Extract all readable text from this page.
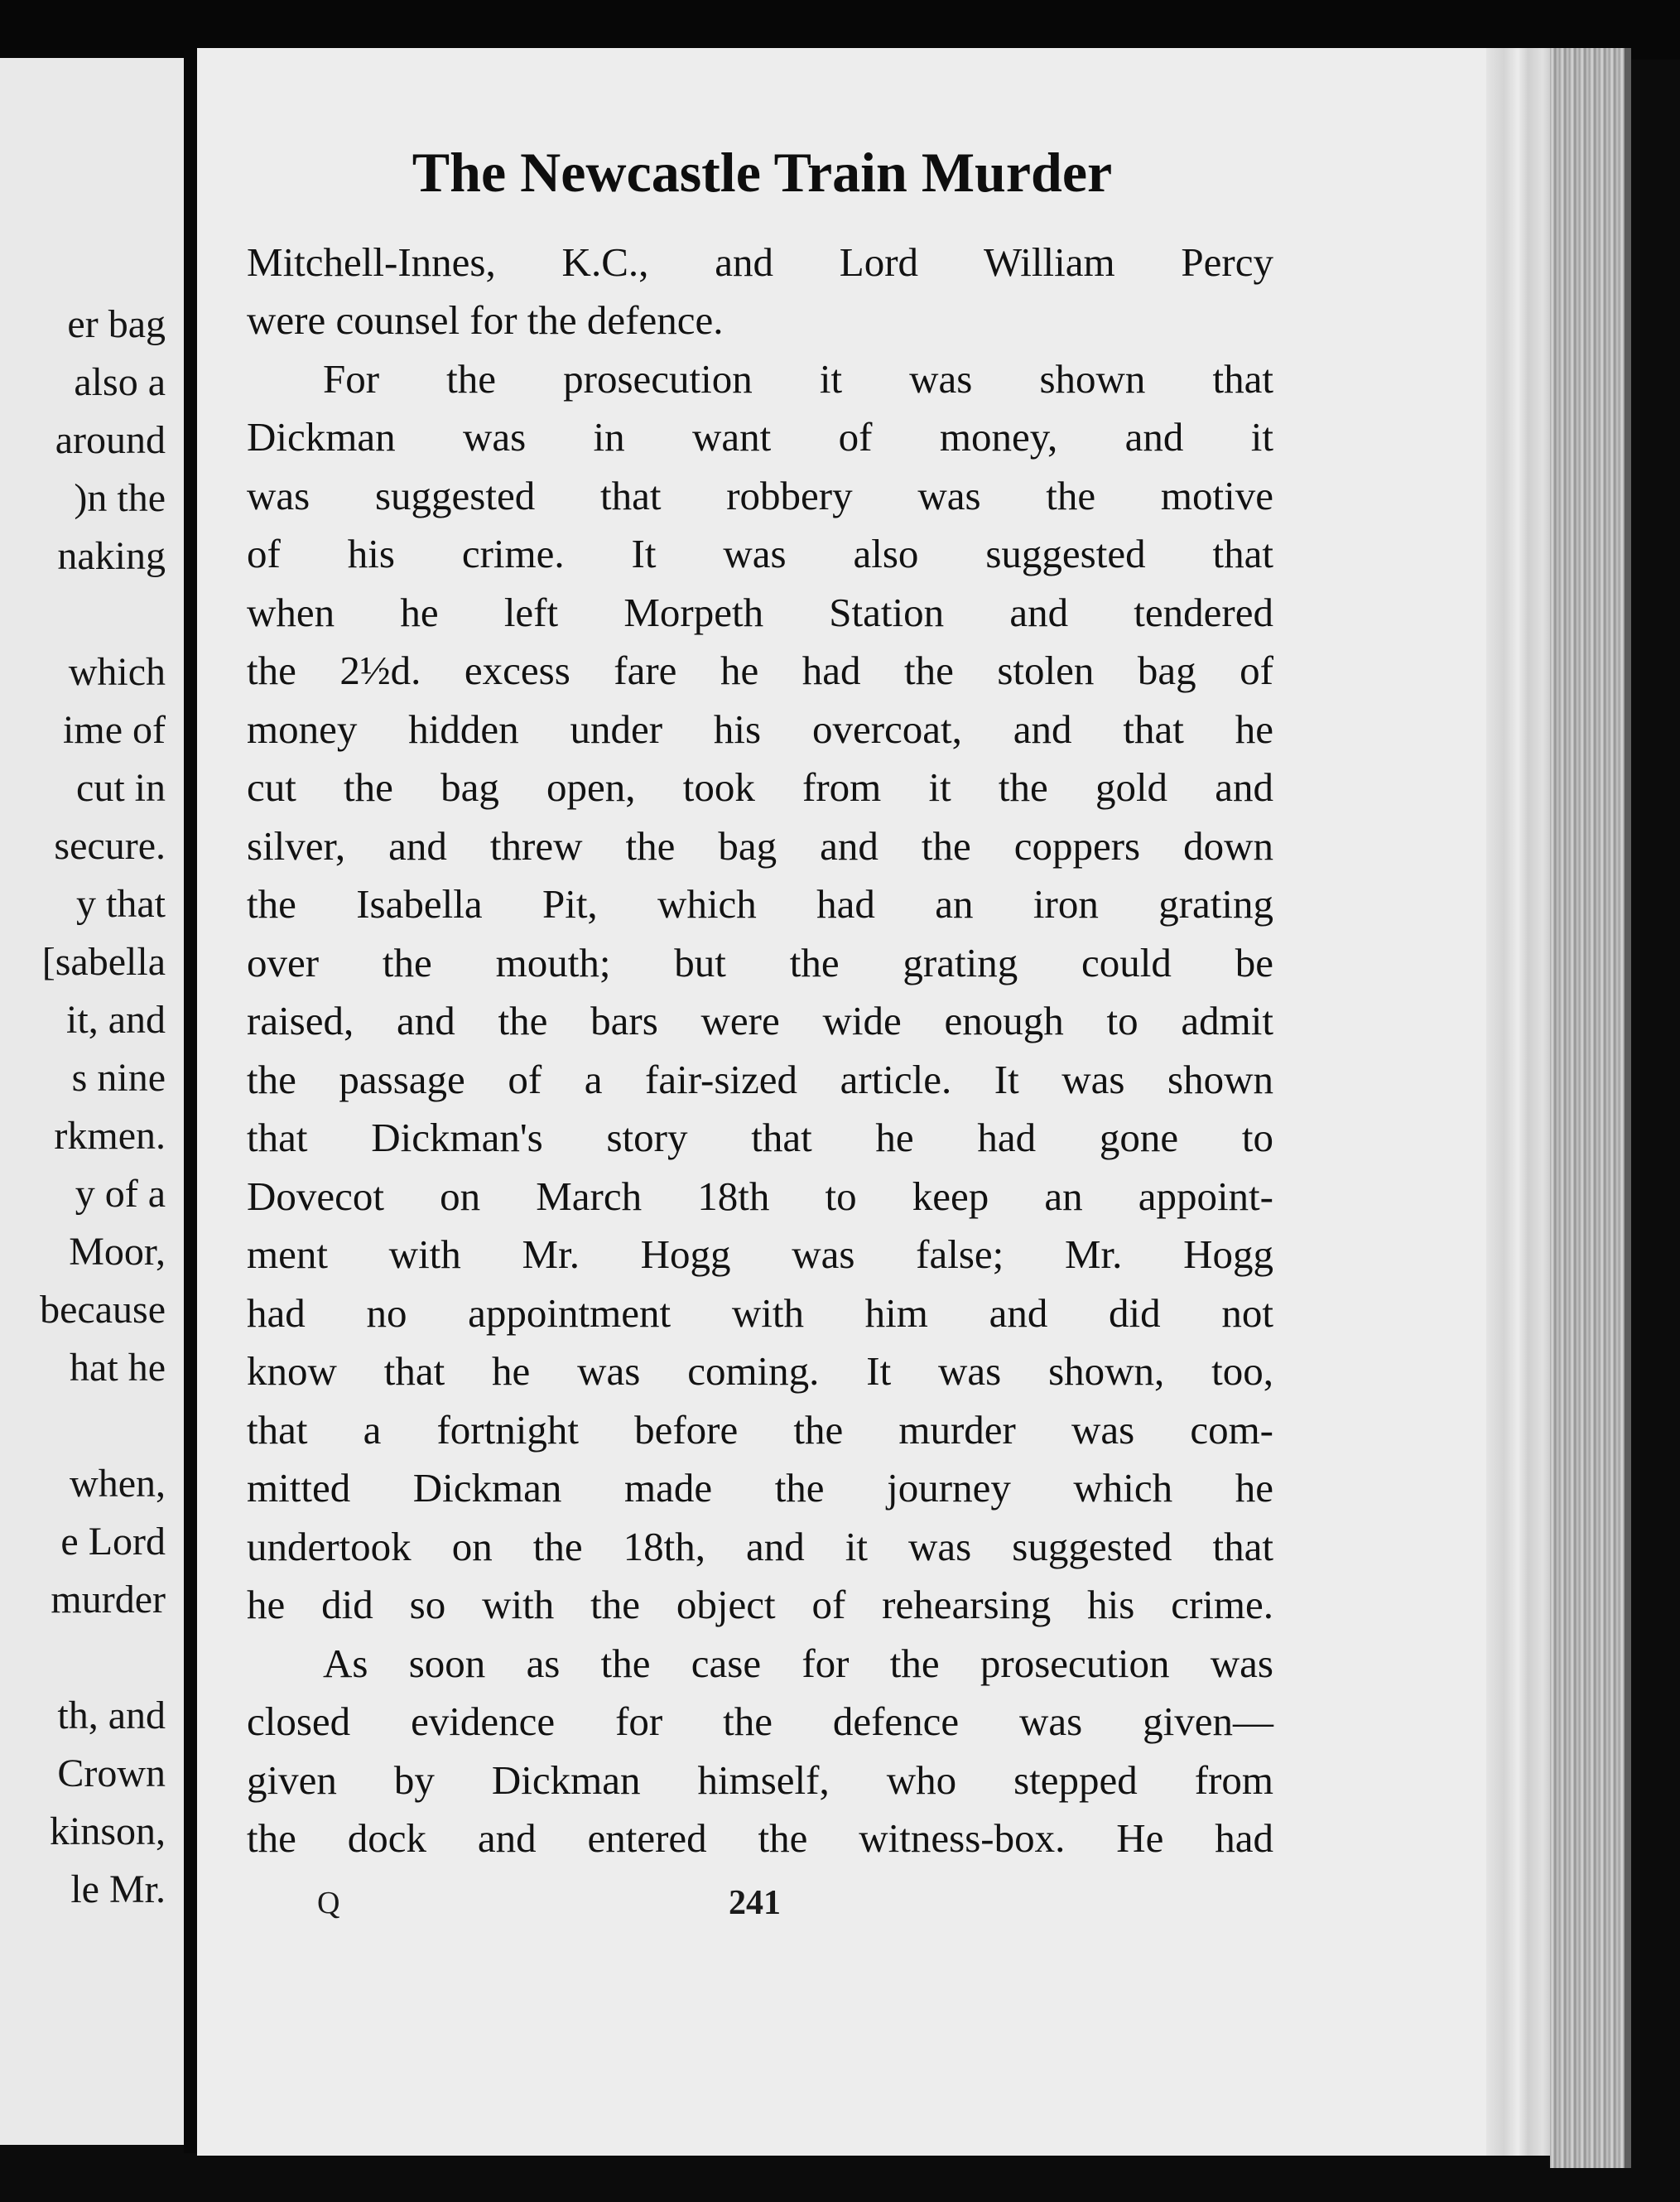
er bag
also a
around
)n the
naking
which
ime of
cut in
secure.
y that
[sabella
it, and
s nine
rkmen.
y of a
Moor,
because
hat he
when,
e Lord
murder
th, and
Crown
kinson,
le Mr.
The Newcastle Train Murder
Mitchell-Innes, K.C., and Lord William Percy
were counsel for the defence.
For the prosecution it was shown that
Dickman was in want of money, and it
was suggested that robbery was the motive
of his crime. It was also suggested that
when he left Morpeth Station and tendered
the 2½d. excess fare he had the stolen bag of
money hidden under his overcoat, and that he
cut the bag open, took from it the gold and
silver, and threw the bag and the coppers down
the Isabella Pit, which had an iron grating
over the mouth; but the grating could be
raised, and the bars were wide enough to admit
the passage of a fair-sized article. It was shown
that Dickman's story that he had gone to
Dovecot on March 18th to keep an appoint-
ment with Mr. Hogg was false; Mr. Hogg
had no appointment with him and did not
know that he was coming. It was shown, too,
that a fortnight before the murder was com-
mitted Dickman made the journey which he
undertook on the 18th, and it was suggested that
he did so with the object of rehearsing his crime.
As soon as the case for the prosecution was
closed evidence for the defence was given—
given by Dickman himself, who stepped from
the dock and entered the witness-box. He had
Q	241
